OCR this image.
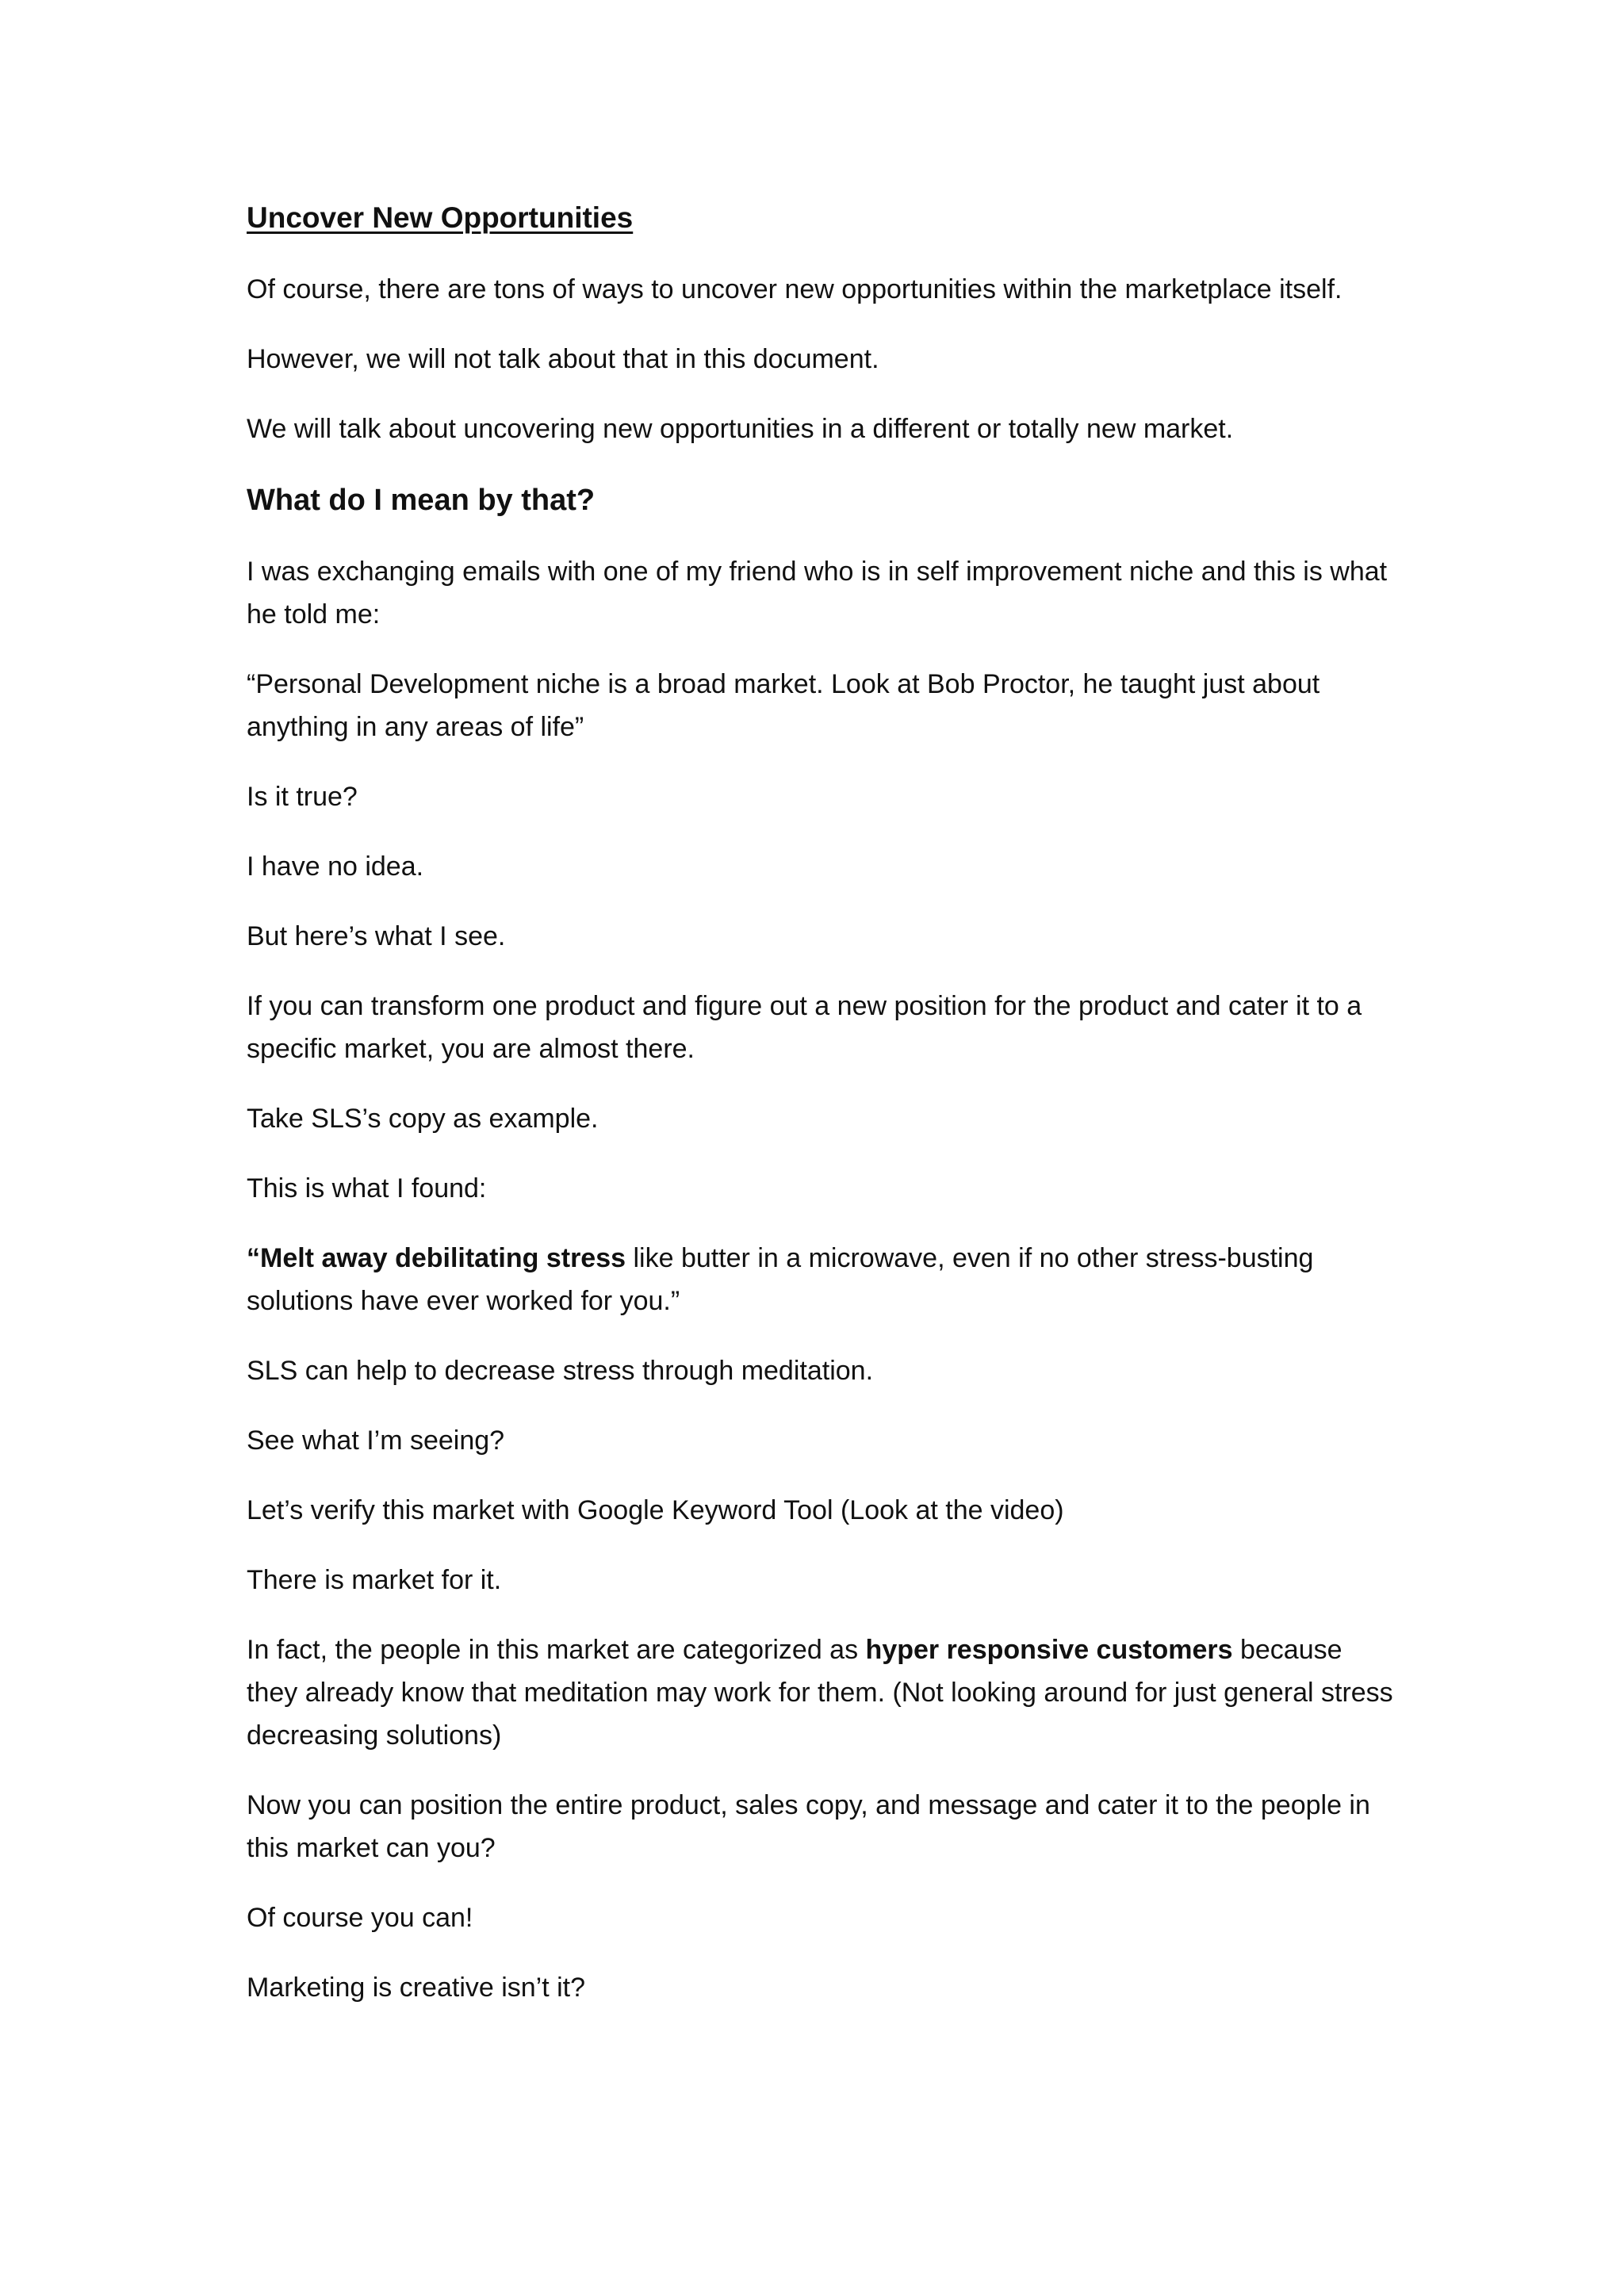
Uncover New Opportunities

Of course, there are tons of ways to uncover new opportunities within the marketplace itself.

However, we will not talk about that in this document.

We will talk about uncovering new opportunities in a different or totally new market.

What do I mean by that?

I was exchanging emails with one of my friend who is in self improvement niche and this is what he told me:

“Personal Development niche is a broad market. Look at Bob Proctor, he taught just about anything in any areas of life”

Is it true?

I have no idea.

But here’s what I see.

If you can transform one product and figure out a new position for the product and cater it to a specific market, you are almost there.

Take SLS’s copy as example.

This is what I found:

“Melt away debilitating stress like butter in a microwave, even if no other stress-busting solutions have ever worked for you.”

SLS can help to decrease stress through meditation.

See what I’m seeing?

Let’s verify this market with Google Keyword Tool (Look at the video)

There is market for it.

In fact, the people in this market are categorized as hyper responsive customers because they already know that meditation may work for them. (Not looking around for just general stress decreasing solutions)

Now you can position the entire product, sales copy, and message and cater it to the people in this market can you?

Of course you can!

Marketing is creative isn’t it?
